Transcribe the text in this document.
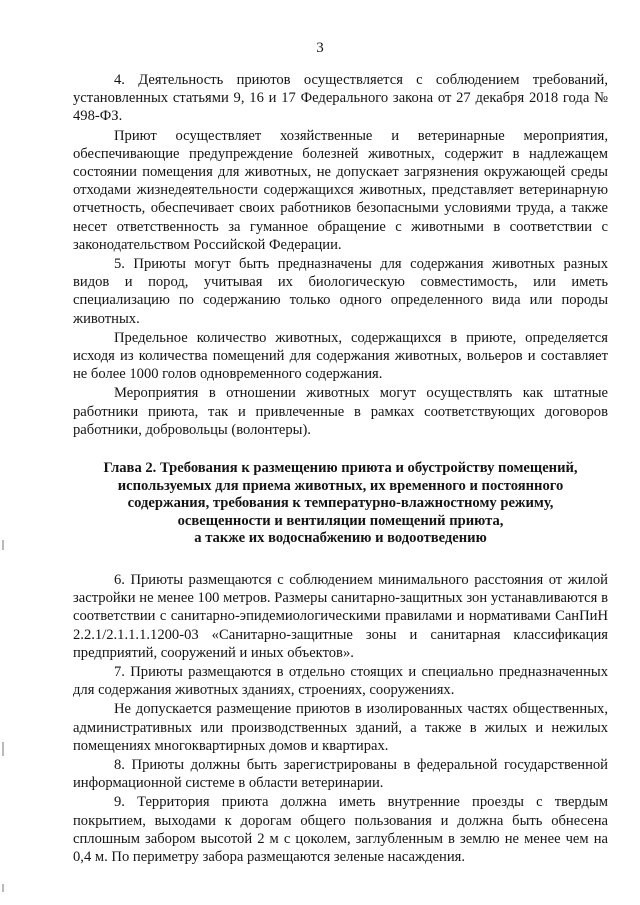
3

4. Деятельность приютов осуществляется с соблюдением требований, установленных статьями 9, 16 и 17 Федерального закона от 27 декабря 2018 года № 498-ФЗ.

Приют осуществляет хозяйственные и ветеринарные мероприятия, обеспечивающие предупреждение болезней животных, содержит в надлежащем состоянии помещения для животных, не допускает загрязнения окружающей среды отходами жизнедеятельности содержащихся животных, представляет ветеринарную отчетность, обеспечивает своих работников безопасными условиями труда, а также несет ответственность за гуманное обращение с животными в соответствии с законодательством Российской Федерации.

5. Приюты могут быть предназначены для содержания животных разных видов и пород, учитывая их биологическую совместимость, или иметь специализацию по содержанию только одного определенного вида или породы животных.

Предельное количество животных, содержащихся в приюте, определяется исходя из количества помещений для содержания животных, вольеров и составляет не более 1000 голов одновременного содержания.

Мероприятия в отношении животных могут осуществлять как штатные работники приюта, так и привлеченные в рамках соответствующих договоров работники, добровольцы (волонтеры).

Глава 2. Требования к размещению приюта и обустройству помещений,
используемых для приема животных, их временного и постоянного
содержания, требования к температурно-влажностному режиму,
освещенности и вентиляции помещений приюта,
а также их водоснабжению и водоотведению

6. Приюты размещаются с соблюдением минимального расстояния от жилой застройки не менее 100 метров. Размеры санитарно-защитных зон устанавливаются в соответствии с санитарно-эпидемиологическими правилами и нормативами СанПиН 2.2.1/2.1.1.1.1200-03 «Санитарно-защитные зоны и санитарная классификация предприятий, сооружений и иных объектов».

7. Приюты размещаются в отдельно стоящих и специально предназначенных для содержания животных зданиях, строениях, сооружениях.

Не допускается размещение приютов в изолированных частях общественных, административных или производственных зданий, а также в жилых и нежилых помещениях многоквартирных домов и квартирах.

8. Приюты должны быть зарегистрированы в федеральной государственной информационной системе в области ветеринарии.

9. Территория приюта должна иметь внутренние проезды с твердым покрытием, выходами к дорогам общего пользования и должна быть обнесена сплошным забором высотой 2 м с цоколем, заглубленным в землю не менее чем на 0,4 м. По периметру забора размещаются зеленые насаждения.
